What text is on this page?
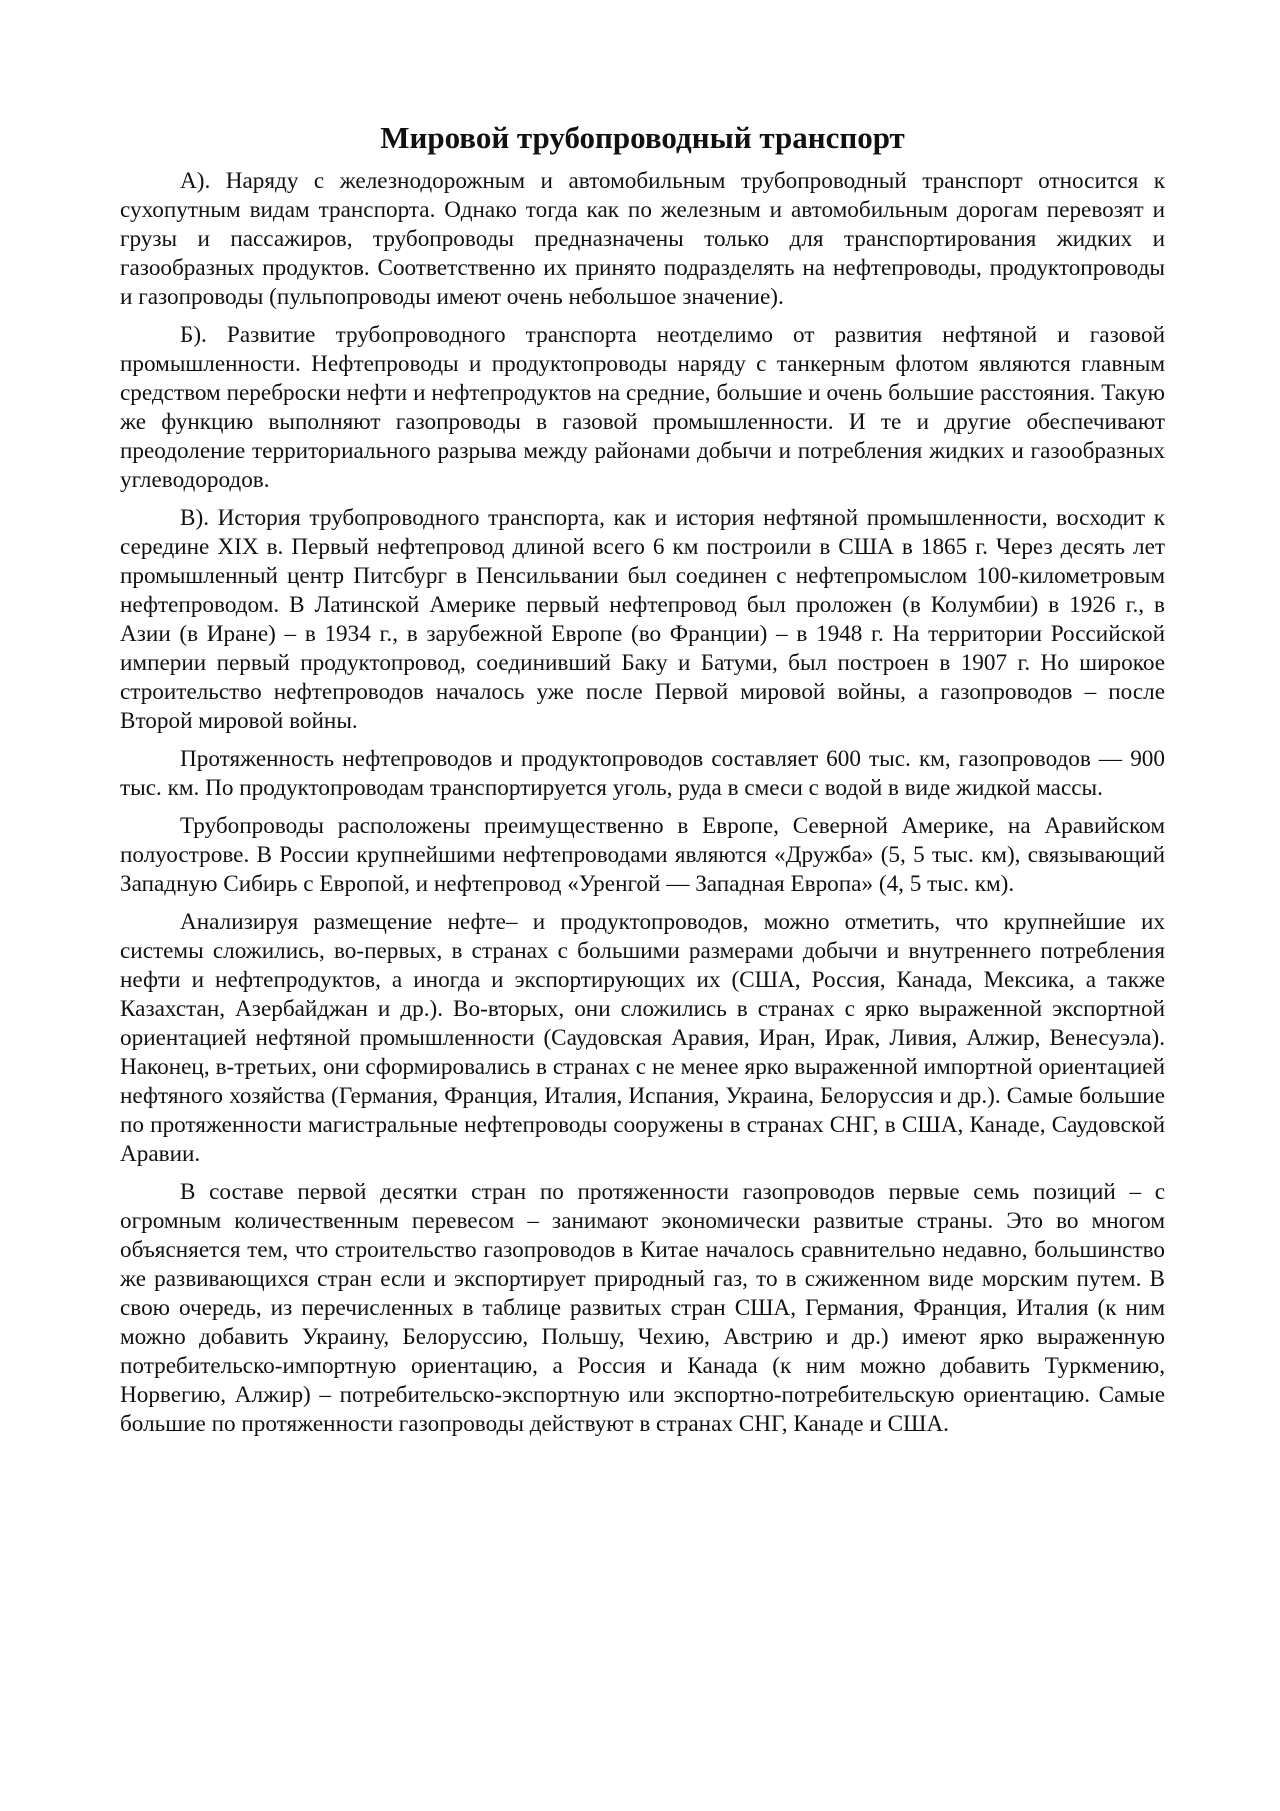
Мировой трубопроводный транспорт

А). Наряду с железнодорожным и автомобильным трубопроводный транспорт относится к сухопутным видам транспорта. Однако тогда как по железным и автомобильным дорогам перевозят и грузы и пассажиров, трубопроводы предназначены только для транспортирования жидких и газообразных продуктов. Соответственно их принято подразделять на нефтепроводы, продуктопроводы и газопроводы (пульпопроводы имеют очень небольшое значение).

Б). Развитие трубопроводного транспорта неотделимо от развития нефтяной и газовой промышленности. Нефтепроводы и продуктопроводы наряду с танкерным флотом являются главным средством переброски нефти и нефтепродуктов на средние, большие и очень большие расстояния. Такую же функцию выполняют газопроводы в газовой промышленности. И те и другие обеспечивают преодоление территориального разрыва между районами добычи и потребления жидких и газообразных углеводородов.

В). История трубопроводного транспорта, как и история нефтяной промышленности, восходит к середине XIX в. Первый нефтепровод длиной всего 6 км построили в США в 1865 г. Через десять лет промышленный центр Питсбург в Пенсильвании был соединен с нефтепромыслом 100-километровым нефтепроводом. В Латинской Америке первый нефтепровод был проложен (в Колумбии) в 1926 г., в Азии (в Иране) – в 1934 г., в зарубежной Европе (во Франции) – в 1948 г. На территории Российской империи первый продуктопровод, соединивший Баку и Батуми, был построен в 1907 г. Но широкое строительство нефтепроводов началось уже после Первой мировой войны, а газопроводов – после Второй мировой войны.

Протяженность нефтепроводов и продуктопроводов составляет 600 тыс. км, газопроводов — 900 тыс. км. По продуктопроводам транспортируется уголь, руда в смеси с водой в виде жидкой массы.

Трубопроводы расположены преимущественно в Европе, Северной Америке, на Аравийском полуострове. В России крупнейшими нефтепроводами являются «Дружба» (5, 5 тыс. км), связывающий Западную Сибирь с Европой, и нефтепровод «Уренгой — Западная Европа» (4, 5 тыс. км).

Анализируя размещение нефте– и продуктопроводов, можно отметить, что крупнейшие их системы сложились, во-первых, в странах с большими размерами добычи и внутреннего потребления нефти и нефтепродуктов, а иногда и экспортирующих их (США, Россия, Канада, Мексика, а также Казахстан, Азербайджан и др.). Во-вторых, они сложились в странах с ярко выраженной экспортной ориентацией нефтяной промышленности (Саудовская Аравия, Иран, Ирак, Ливия, Алжир, Венесуэла). Наконец, в-третьих, они сформировались в странах с не менее ярко выраженной импортной ориентацией нефтяного хозяйства (Германия, Франция, Италия, Испания, Украина, Белоруссия и др.). Самые большие по протяженности магистральные нефтепроводы сооружены в странах СНГ, в США, Канаде, Саудовской Аравии.

В составе первой десятки стран по протяженности газопроводов первые семь позиций – с огромным количественным перевесом – занимают экономически развитые страны. Это во многом объясняется тем, что строительство газопроводов в Китае началось сравнительно недавно, большинство же развивающихся стран если и экспортирует природный газ, то в сжиженном виде морским путем. В свою очередь, из перечисленных в таблице развитых стран США, Германия, Франция, Италия (к ним можно добавить Украину, Белоруссию, Польшу, Чехию, Австрию и др.) имеют ярко выраженную потребительско-импортную ориентацию, а Россия и Канада (к ним можно добавить Туркмению, Норвегию, Алжир) – потребительско-экспортную или экспортно-потребительскую ориентацию. Самые большие по протяженности газопроводы действуют в странах СНГ, Канаде и США.
